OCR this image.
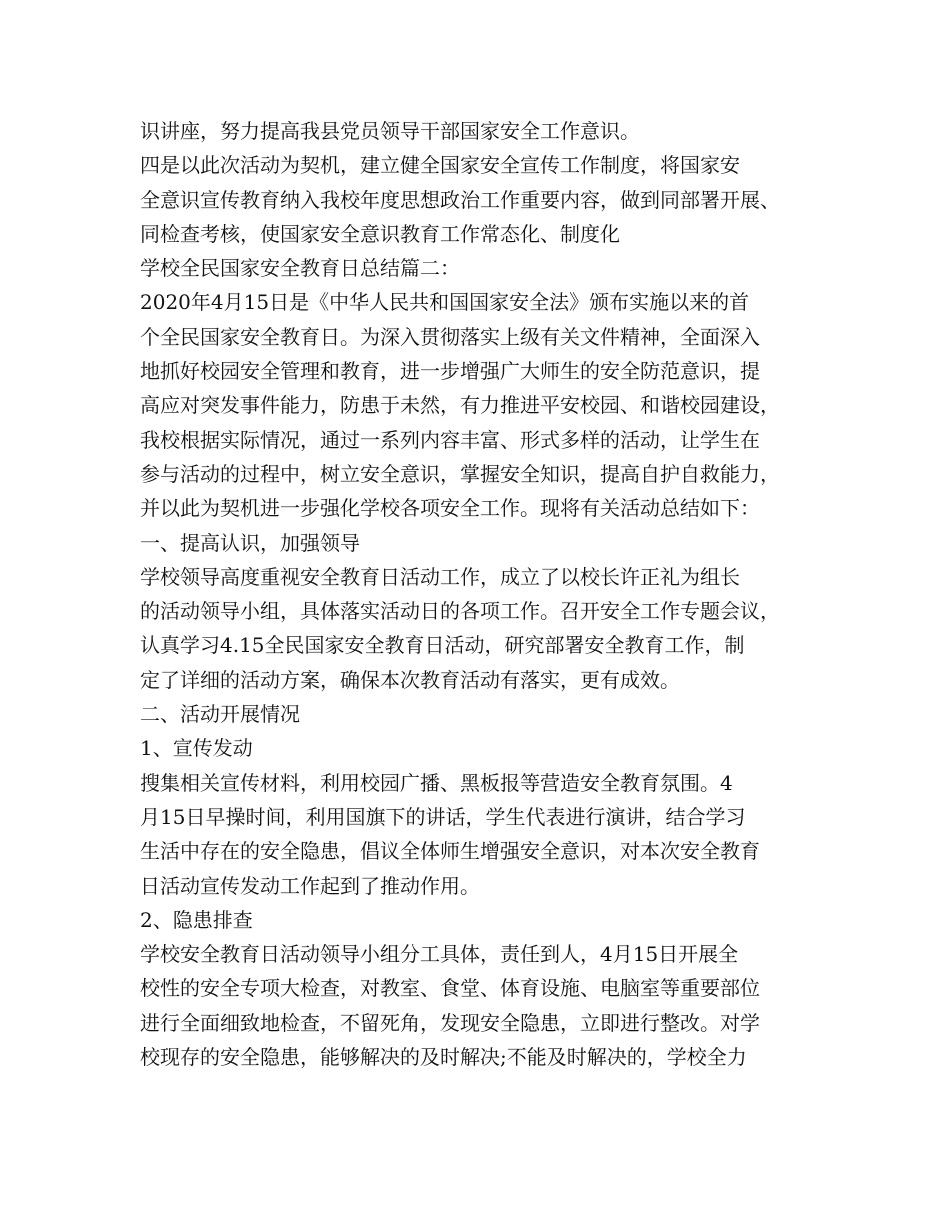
识讲座，努力提高我县党员领导干部国家安全工作意识。
四是以此次活动为契机，建立健全国家安全宣传工作制度，将国家安
全意识宣传教育纳入我校年度思想政治工作重要内容，做到同部署开展、
同检查考核，使国家安全意识教育工作常态化、制度化
学校全民国家安全教育日总结篇二：
2020年4月15日是《中华人民共和国国家安全法》颁布实施以来的首
个全民国家安全教育日。为深入贯彻落实上级有关文件精神，全面深入
地抓好校园安全管理和教育，进一步增强广大师生的安全防范意识，提
高应对突发事件能力，防患于未然，有力推进平安校园、和谐校园建设，
我校根据实际情况，通过一系列内容丰富、形式多样的活动，让学生在
参与活动的过程中，树立安全意识，掌握安全知识，提高自护自救能力，
并以此为契机进一步强化学校各项安全工作。现将有关活动总结如下：
一、提高认识，加强领导
学校领导高度重视安全教育日活动工作，成立了以校长许正礼为组长
的活动领导小组，具体落实活动日的各项工作。召开安全工作专题会议，
认真学习4.15全民国家安全教育日活动，研究部署安全教育工作，制
定了详细的活动方案，确保本次教育活动有落实，更有成效。
二、活动开展情况
1、宣传发动
搜集相关宣传材料，利用校园广播、黑板报等营造安全教育氛围。4
月15日早操时间，利用国旗下的讲话，学生代表进行演讲，结合学习
生活中存在的安全隐患，倡议全体师生增强安全意识，对本次安全教育
日活动宣传发动工作起到了推动作用。
2、隐患排查
学校安全教育日活动领导小组分工具体，责任到人，4月15日开展全
校性的安全专项大检查，对教室、食堂、体育设施、电脑室等重要部位
进行全面细致地检查，不留死角，发现安全隐患，立即进行整改。对学
校现存的安全隐患，能够解决的及时解决;不能及时解决的，学校全力
